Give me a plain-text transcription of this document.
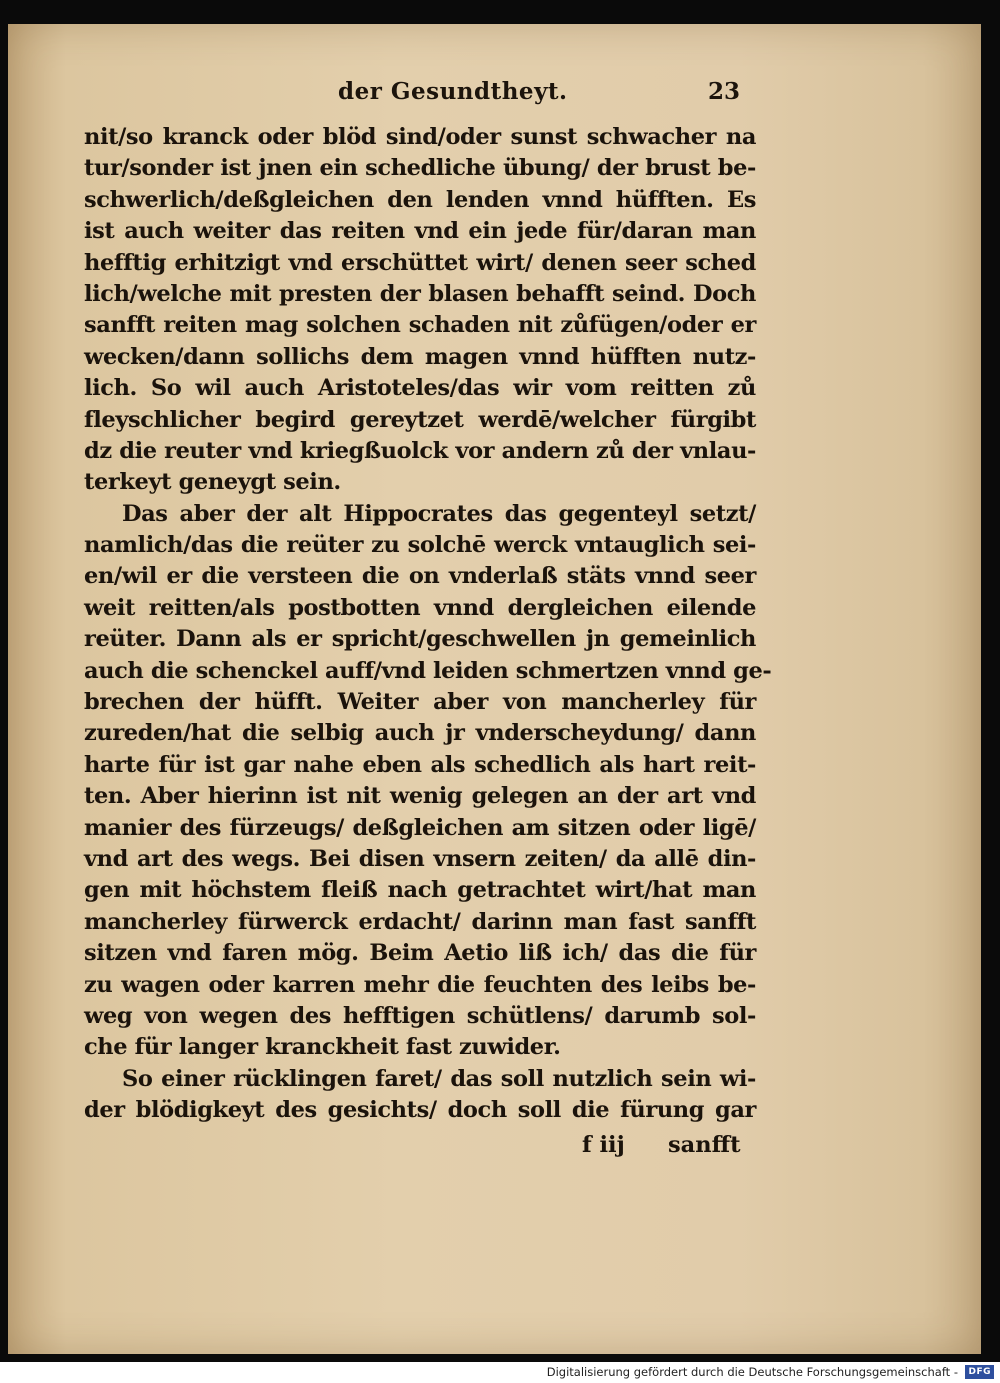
der Gesundtheyt.	23
nit/so kranck oder blöd sind/oder sunst schwacher na
tur/sonder ist jnen ein schedliche übung/ der brust be-
schwerlich/deßgleichen den lenden vnnd hüfften. Es
ist auch weiter das reiten vnd ein jede für/daran man
hefftig erhitzigt vnd erschüttet wirt/ denen seer sched
lich/welche mit presten der blasen behafft seind. Doch
sanfft reiten mag solchen schaden nit zůfügen/oder er
wecken/dann sollichs dem magen vnnd hüfften nutz-
lich. So wil auch Aristoteles/das wir vom reitten zů
fleyschlicher begird gereytzet werdē/welcher fürgibt
dz die reuter vnd kriegßuolck vor andern zů der vnlau-
terkeyt geneygt sein.
Das aber der alt Hippocrates das gegenteyl setzt/
namlich/das die reüter zu solchē werck vntauglich sei-
en/wil er die versteen die on vnderlaß stäts vnnd seer
weit reitten/als postbotten vnnd dergleichen eilende
reüter. Dann als er spricht/geschwellen jn gemeinlich
auch die schenckel auff/vnd leiden schmertzen vnnd ge-
brechen der hüfft. Weiter aber von mancherley für
zureden/hat die selbig auch jr vnderscheydung/ dann
harte für ist gar nahe eben als schedlich als hart reit-
ten. Aber hierinn ist nit wenig gelegen an der art vnd
manier des fürzeugs/ deßgleichen am sitzen oder ligē/
vnd art des wegs. Bei disen vnsern zeiten/ da allē din-
gen mit höchstem fleiß nach getrachtet wirt/hat man
mancherley fürwerck erdacht/ darinn man fast sanfft
sitzen vnd faren mög. Beim Aetio liß ich/ das die für
zu wagen oder karren mehr die feuchten des leibs be-
weg von wegen des hefftigen schütlens/ darumb sol-
che für langer kranckheit fast zuwider.
So einer rücklingen faret/ das soll nutzlich sein wi-
der blödigkeyt des gesichts/ doch soll die fürung gar
f iij sanfft
Digitalisierung gefördert durch die Deutsche Forschungsgemeinschaft -	DFG
